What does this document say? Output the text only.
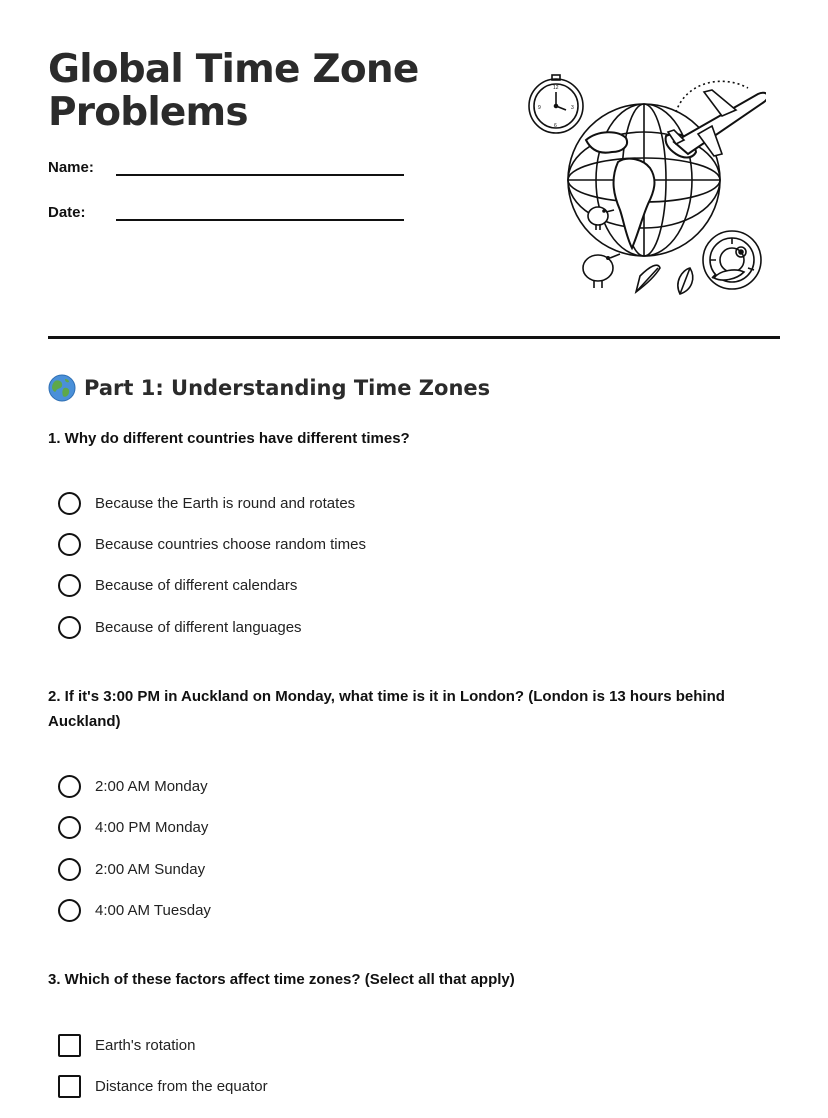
Global Time Zone
Problems
Name:
Date:
12
3
6
9
Part 1: Understanding Time Zones
1. Why do different countries have different times?
Because the Earth is round and rotates
Because countries choose random times
Because of different calendars
Because of different languages
2. If it's 3:00 PM in Auckland on Monday, what time is it in London? (London is 13 hours behind Auckland)
2:00 AM Monday
4:00 PM Monday
2:00 AM Sunday
4:00 AM Tuesday
3. Which of these factors affect time zones? (Select all that apply)
Earth's rotation
Distance from the equator
